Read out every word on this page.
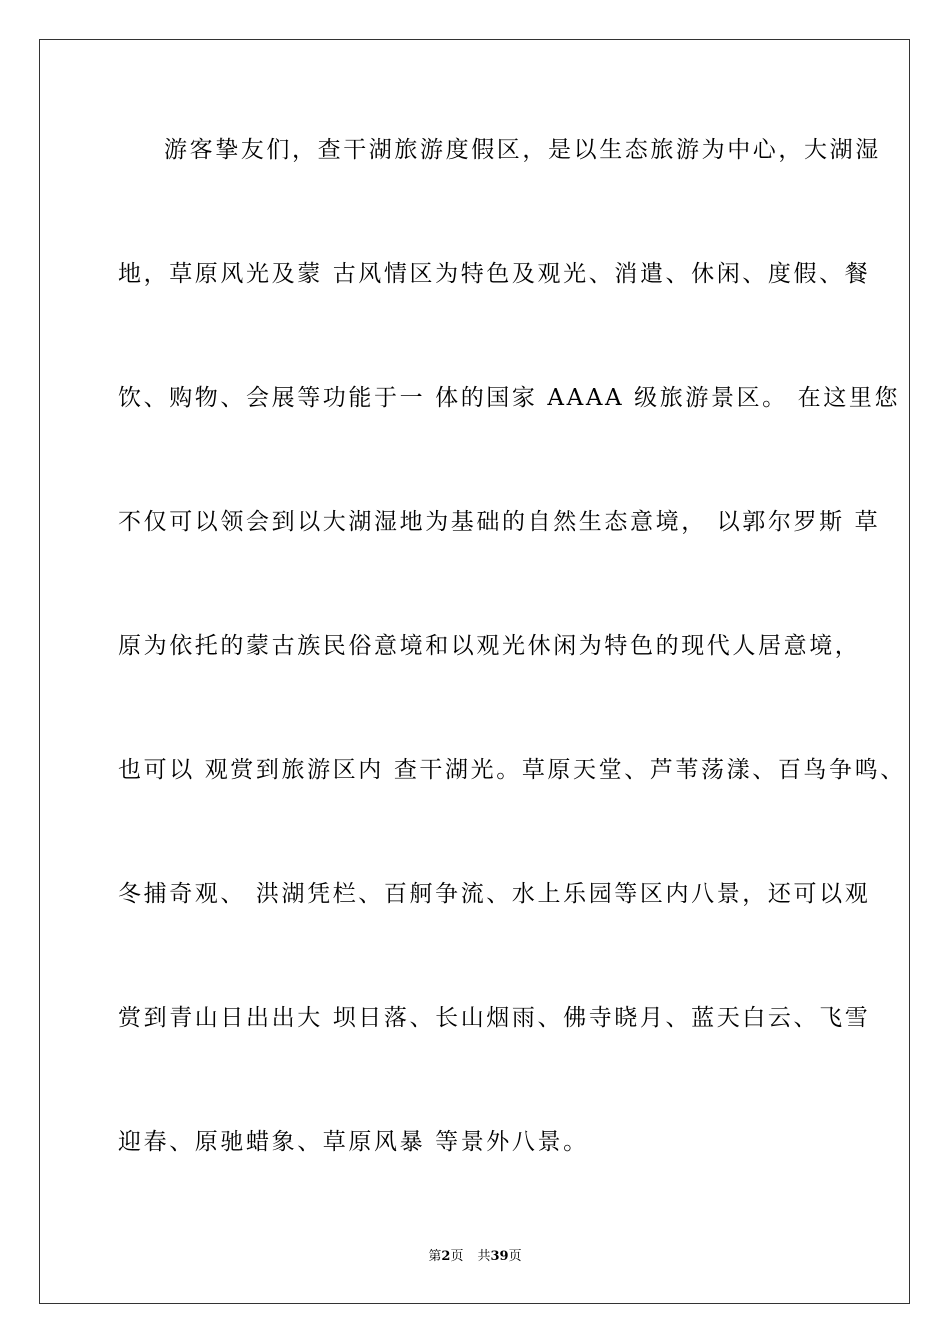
游客挚友们，查干湖旅游度假区，是以生态旅游为中心，大湖湿
地，草原风光及蒙 古风情区为特色及观光、消遣、休闲、度假、餐
饮、购物、会展等功能于一 体的国家 AAAA 级旅游景区。 在这里您
不仅可以领会到以大湖湿地为基础的自然生态意境， 以郭尔罗斯 草
原为依托的蒙古族民俗意境和以观光休闲为特色的现代人居意境，
也可以 观赏到旅游区内 查干湖光。草原天堂、芦苇荡漾、百鸟争鸣、
冬捕奇观、 洪湖凭栏、百舸争流、水上乐园等区内八景，还可以观
赏到青山日出出大 坝日落、长山烟雨、佛寺晓月、蓝天白云、飞雪
迎春、原驰蜡象、草原风暴 等景外八景。
第2页 共39页
